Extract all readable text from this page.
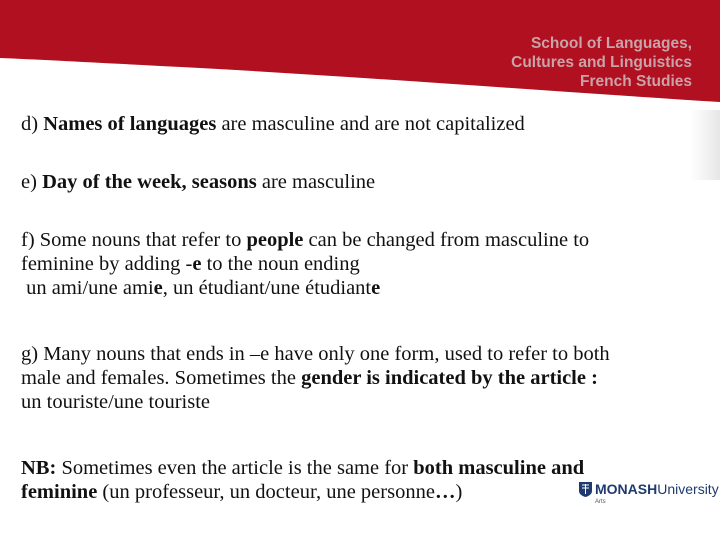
School of Languages,
Cultures and Linguistics
French Studies
d) Names of languages are masculine and are not capitalized
e) Day of the week, seasons are masculine
f) Some nouns that refer to people can be changed from masculine to
feminine by adding -e to the noun ending
un ami/une amie, un étudiant/une étudiante
g) Many nouns that ends in –e have only one form, used to refer to both
male and females. Sometimes the gender is indicated by the article :
un touriste/une touriste
NB: Sometimes even the article is the same for both masculine and
feminine (un professeur, un docteur, une personne…)	MONASHUniversity
Arts
